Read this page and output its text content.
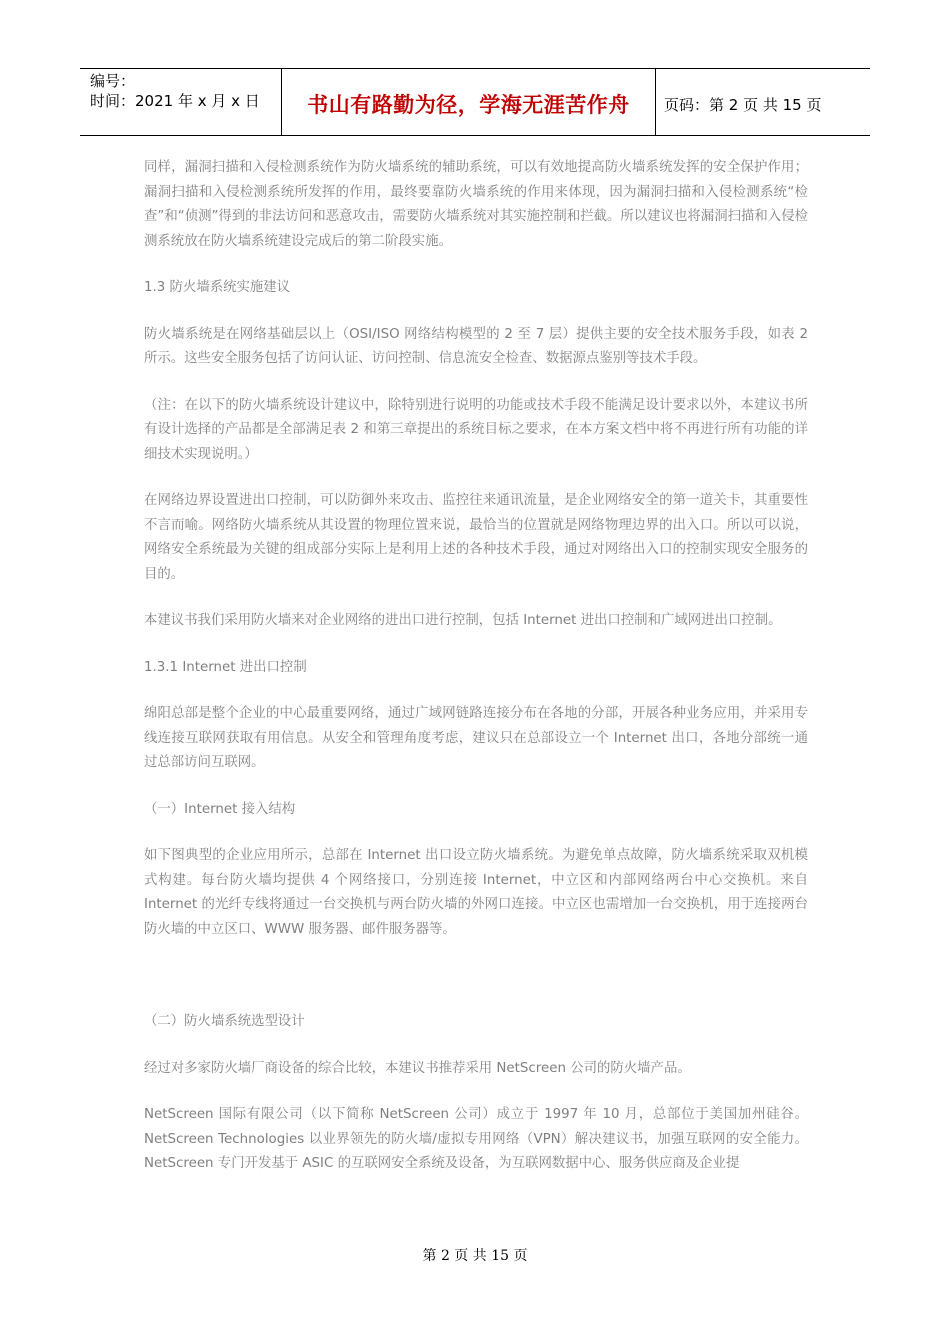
编号：
时间：2021 年 x 月 x 日	书山有路勤为径，学海无涯苦作舟 页码：第 2 页 共 15 页

同样，漏洞扫描和入侵检测系统作为防火墙系统的辅助系统，可以有效地提高防火墙系统发挥的安全保护作用；漏洞扫描和入侵检测系统所发挥的作用，最终要靠防火墙系统的作用来体现，因为漏洞扫描和入侵检测系统“检查”和“侦测”得到的非法访问和恶意攻击，需要防火墙系统对其实施控制和拦截。所以建议也将漏洞扫描和入侵检测系统放在防火墙系统建设完成后的第二阶段实施。

1.3 防火墙系统实施建议

防火墙系统是在网络基础层以上（OSI/ISO 网络结构模型的 2 至 7 层）提供主要的安全技术服务手段，如表 2 所示。这些安全服务包括了访问认证、访问控制、信息流安全检查、数据源点鉴别等技术手段。

（注：在以下的防火墙系统设计建议中，除特别进行说明的功能或技术手段不能满足设计要求以外，本建议书所有设计选择的产品都是全部满足表 2 和第三章提出的系统目标之要求，在本方案文档中将不再进行所有功能的详细技术实现说明。）

在网络边界设置进出口控制，可以防御外来攻击、监控往来通讯流量，是企业网络安全的第一道关卡，其重要性不言而喻。网络防火墙系统从其设置的物理位置来说，最恰当的位置就是网络物理边界的出入口。所以可以说，网络安全系统最为关键的组成部分实际上是利用上述的各种技术手段，通过对网络出入口的控制实现安全服务的目的。

本建议书我们采用防火墙来对企业网络的进出口进行控制，包括 Internet 进出口控制和广域网进出口控制。

1.3.1 Internet 进出口控制

绵阳总部是整个企业的中心最重要网络，通过广域网链路连接分布在各地的分部，开展各种业务应用，并采用专线连接互联网获取有用信息。从安全和管理角度考虑，建议只在总部设立一个 Internet 出口，各地分部统一通过总部访问互联网。

（一）Internet 接入结构

如下图典型的企业应用所示，总部在 Internet 出口设立防火墙系统。为避免单点故障，防火墙系统采取双机模式构建。每台防火墙均提供 4 个网络接口，分别连接 Internet，中立区和内部网络两台中心交换机。来自 Internet 的光纤专线将通过一台交换机与两台防火墙的外网口连接。中立区也需增加一台交换机，用于连接两台防火墙的中立区口、WWW 服务器、邮件服务器等。

（二）防火墙系统选型设计

经过对多家防火墙厂商设备的综合比较，本建议书推荐采用 NetScreen 公司的防火墙产品。

NetScreen 国际有限公司（以下简称 NetScreen 公司）成立于 1997 年 10 月，总部位于美国加州硅谷。NetScreen Technologies 以业界领先的防火墙/虚拟专用网络（VPN）解决建议书，加强互联网的安全能力。NetScreen 专门开发基于 ASIC 的互联网安全系统及设备，为互联网数据中心、服务供应商及企业提

第 2 页 共 15 页
